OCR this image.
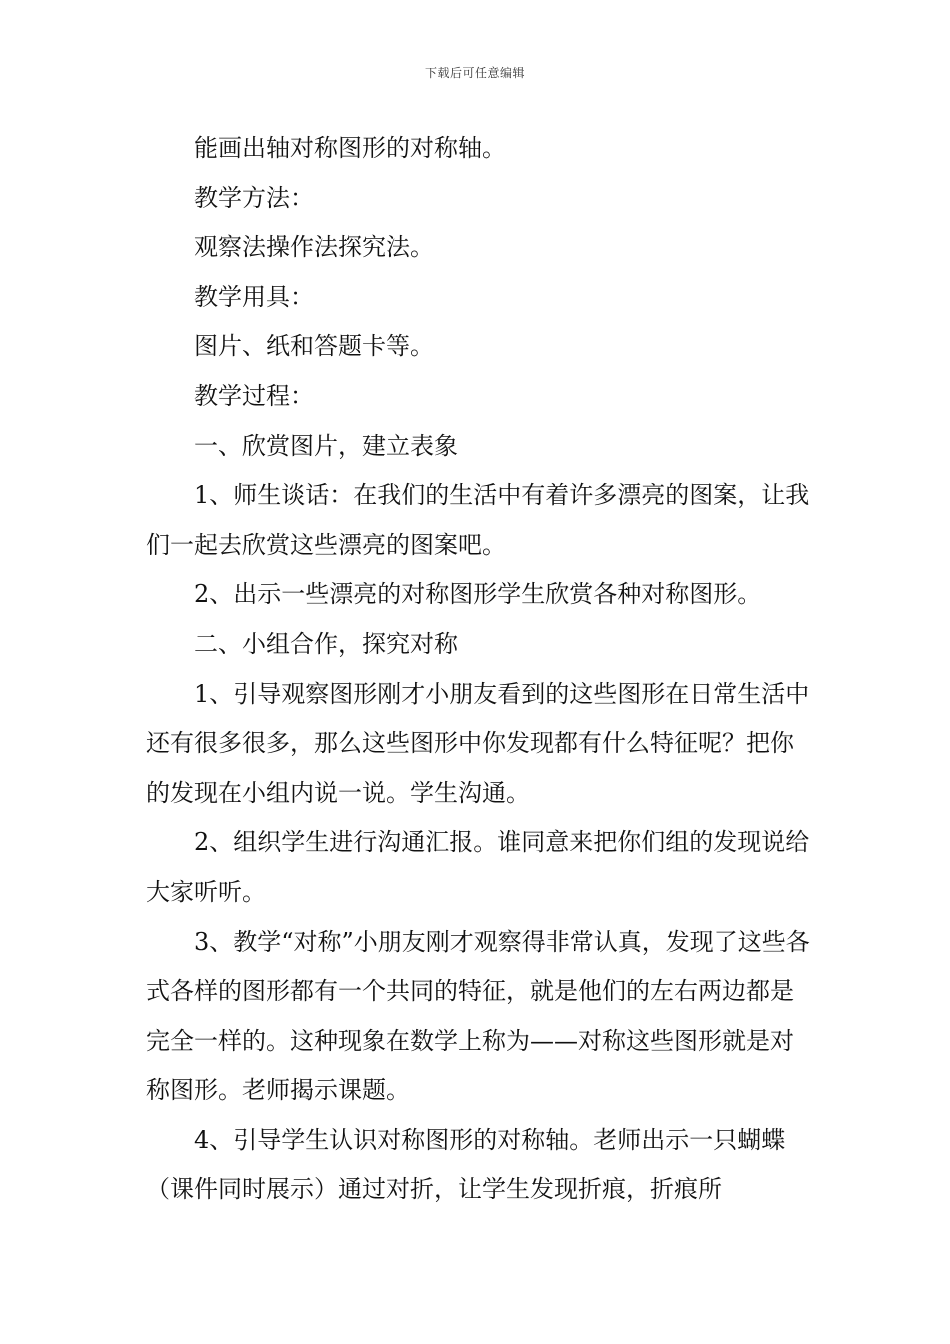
下载后可任意编辑

能画出轴对称图形的对称轴。

教学方法：

观察法操作法探究法。

教学用具：

图片、纸和答题卡等。

教学过程：

一、欣赏图片，建立表象

1、师生谈话：在我们的生活中有着许多漂亮的图案，让我们一起去欣赏这些漂亮的图案吧。

2、出示一些漂亮的对称图形学生欣赏各种对称图形。

二、小组合作，探究对称

1、引导观察图形刚才小朋友看到的这些图形在日常生活中还有很多很多，那么这些图形中你发现都有什么特征呢？把你的发现在小组内说一说。学生沟通。

2、组织学生进行沟通汇报。谁同意来把你们组的发现说给大家听听。

3、教学“对称”小朋友刚才观察得非常认真，发现了这些各式各样的图形都有一个共同的特征，就是他们的左右两边都是完全一样的。这种现象在数学上称为——对称这些图形就是对称图形。老师揭示课题。

4、引导学生认识对称图形的对称轴。老师出示一只蝴蝶（课件同时展示）通过对折，让学生发现折痕，折痕所
